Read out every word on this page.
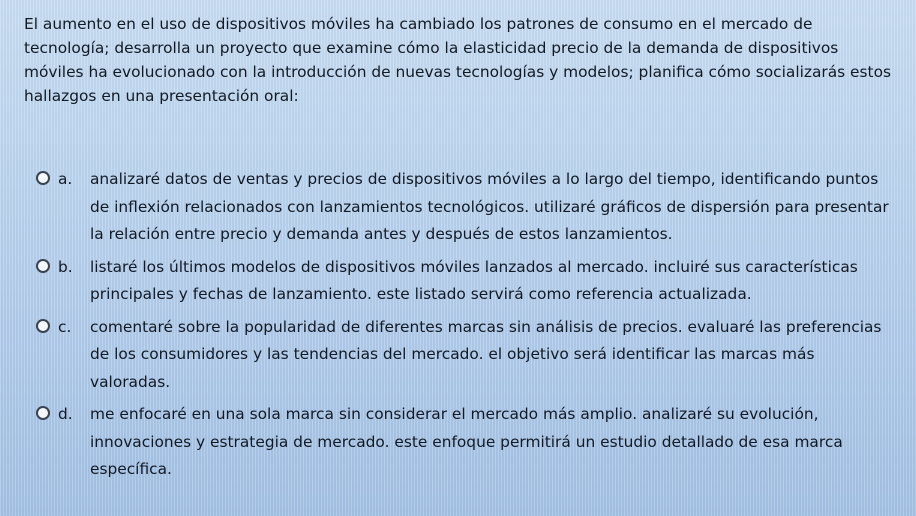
El aumento en el uso de dispositivos móviles ha cambiado los patrones de consumo en el mercado de tecnología; desarrolla un proyecto que examine cómo la elasticidad precio de la demanda de dispositivos móviles ha evolucionado con la introducción de nuevas tecnologías y modelos; planifica cómo socializarás estos hallazgos en una presentación oral:

a.	analizaré datos de ventas y precios de dispositivos móviles a lo largo del tiempo, identificando puntos de inflexión relacionados con lanzamientos tecnológicos. utilizaré gráficos de dispersión para presentar la relación entre precio y demanda antes y después de estos lanzamientos.
b.	listaré los últimos modelos de dispositivos móviles lanzados al mercado. incluiré sus características principales y fechas de lanzamiento. este listado servirá como referencia actualizada.
c.	comentaré sobre la popularidad de diferentes marcas sin análisis de precios. evaluaré las preferencias de los consumidores y las tendencias del mercado. el objetivo será identificar las marcas más valoradas.
d.	me enfocaré en una sola marca sin considerar el mercado más amplio. analizaré su evolución, innovaciones y estrategia de mercado. este enfoque permitirá un estudio detallado de esa marca específica.
